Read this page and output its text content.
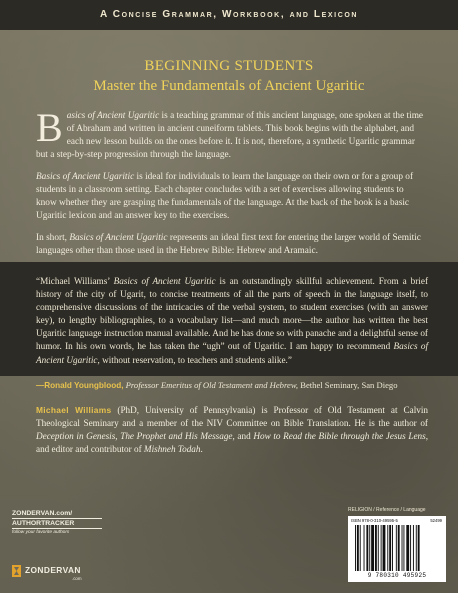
A Concise Grammar, Workbook, and Lexicon
BEGINNING STUDENTS
Master the Fundamentals of Ancient Ugaritic

Basics of Ancient Ugaritic is a teaching grammar of this ancient language, one spoken at the time of Abraham and written in ancient cuneiform tablets. This book begins with the alphabet, and each new lesson builds on the ones before it. It is not, therefore, a synthetic Ugaritic grammar but a step-by-step progression through the language.

Basics of Ancient Ugaritic is ideal for individuals to learn the language on their own or for a group of students in a classroom setting. Each chapter concludes with a set of exercises allowing students to know whether they are grasping the fundamentals of the language. At the back of the book is a basic Ugaritic lexicon and an answer key to the exercises.

In short, Basics of Ancient Ugaritic represents an ideal first text for entering the larger world of Semitic languages other than those used in the Hebrew Bible: Hebrew and Aramaic.

“Michael Williams’ Basics of Ancient Ugaritic is an outstandingly skillful achievement. From a brief history of the city of Ugarit, to concise treatments of all the parts of speech in the language itself, to comprehensive discussions of the intricacies of the verbal system, to student exercises (with an answer key), to lengthy bibliographies, to a vocabulary list—and much more—the author has written the best Ugaritic language instruction manual available. And he has done so with panache and a delightful sense of humor. In his own words, he has taken the “ugh” out of Ugaritic. I am happy to recommend Basics of Ancient Ugaritic, without reservation, to teachers and students alike.”
—Ronald Youngblood, Professor Emeritus of Old Testament and Hebrew, Bethel Seminary, San Diego
Michael Williams (PhD, University of Pennsylvania) is Professor of Old Testament at Calvin Theological Seminary and a member of the NIV Committee on Bible Translation. He is the author of Deception in Genesis, The Prophet and His Message, and How to Read the Bible through the Jesus Lens, and editor and contributor of Mishneh Todah.
ZONDERVAN.com/
AUTHORTRACKER
follow your favorite authors
ZONDERVAN
.com
RELIGION / Reference / Language
ISBN 978-0-310-49595-5	52499
9 780310 495925
